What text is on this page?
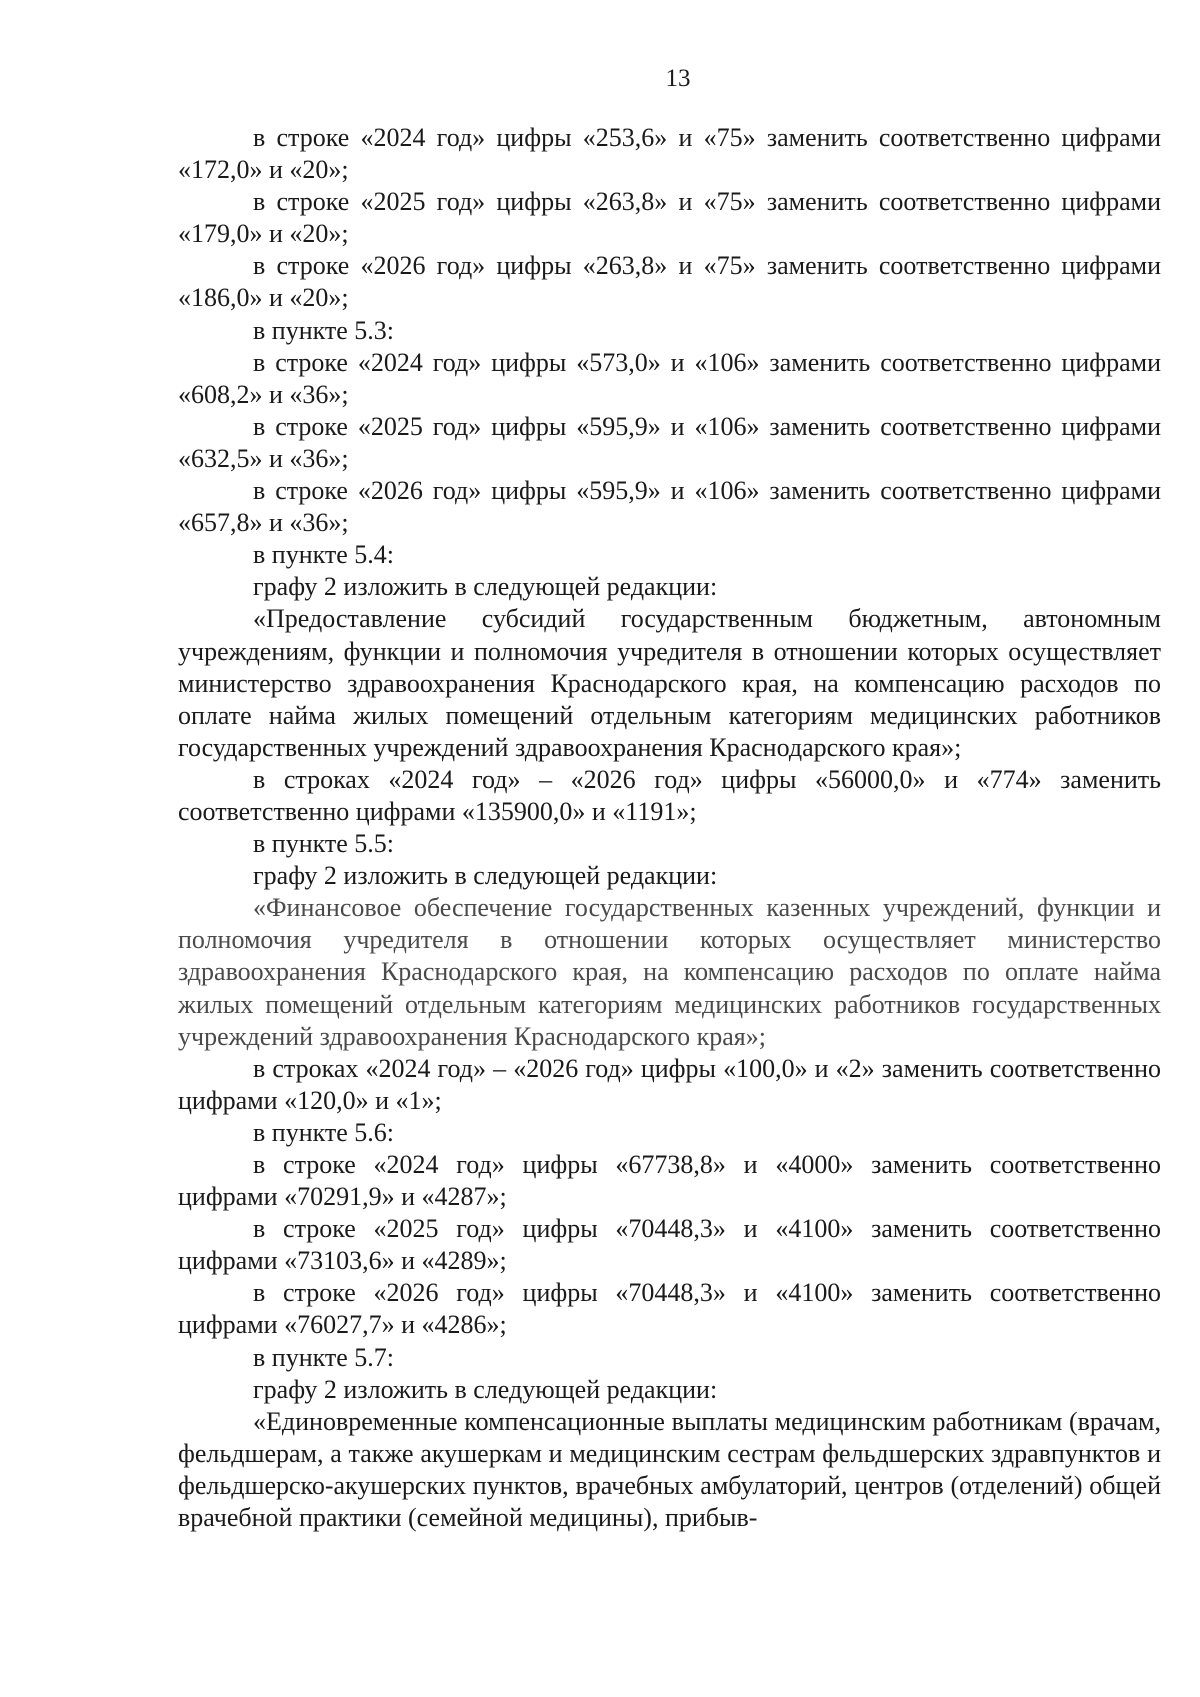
13

в строке «2024 год» цифры «253,6» и «75» заменить соответственно цифрами «172,0» и «20»;

в строке «2025 год» цифры «263,8» и «75» заменить соответственно цифрами «179,0» и «20»;

в строке «2026 год» цифры «263,8» и «75» заменить соответственно цифрами «186,0» и «20»;

в пункте 5.3:

в строке «2024 год» цифры «573,0» и «106» заменить соответственно цифрами «608,2» и «36»;

в строке «2025 год» цифры «595,9» и «106» заменить соответственно цифрами «632,5» и «36»;

в строке «2026 год» цифры «595,9» и «106» заменить соответственно цифрами «657,8» и «36»;

в пункте 5.4:

графу 2 изложить в следующей редакции:

«Предоставление субсидий государственным бюджетным, автономным учреждениям, функции и полномочия учредителя в отношении которых осуществляет министерство здравоохранения Краснодарского края, на компенсацию расходов по оплате найма жилых помещений отдельным категориям медицинских работников государственных учреждений здравоохранения Краснодарского края»;

в строках «2024 год» – «2026 год» цифры «56000,0» и «774» заменить соответственно цифрами «135900,0» и «1191»;

в пункте 5.5:

графу 2 изложить в следующей редакции:

«Финансовое обеспечение государственных казенных учреждений, функции и полномочия учредителя в отношении которых осуществляет министерство здравоохранения Краснодарского края, на компенсацию расходов по оплате найма жилых помещений отдельным категориям медицинских работников государственных учреждений здравоохранения Краснодарского края»;

в строках «2024 год» – «2026 год» цифры «100,0» и «2» заменить соответственно цифрами «120,0» и «1»;

в пункте 5.6:

в строке «2024 год» цифры «67738,8» и «4000» заменить соответственно цифрами «70291,9» и «4287»;

в строке «2025 год» цифры «70448,3» и «4100» заменить соответственно цифрами «73103,6» и «4289»;

в строке «2026 год» цифры «70448,3» и «4100» заменить соответственно цифрами «76027,7» и «4286»;

в пункте 5.7:

графу 2 изложить в следующей редакции:

«Единовременные компенсационные выплаты медицинским работникам (врачам, фельдшерам, а также акушеркам и медицинским сестрам фельдшерских здравпунктов и фельдшерско-акушерских пунктов, врачебных амбулаторий, центров (отделений) общей врачебной практики (семейной медицины), прибыв-
